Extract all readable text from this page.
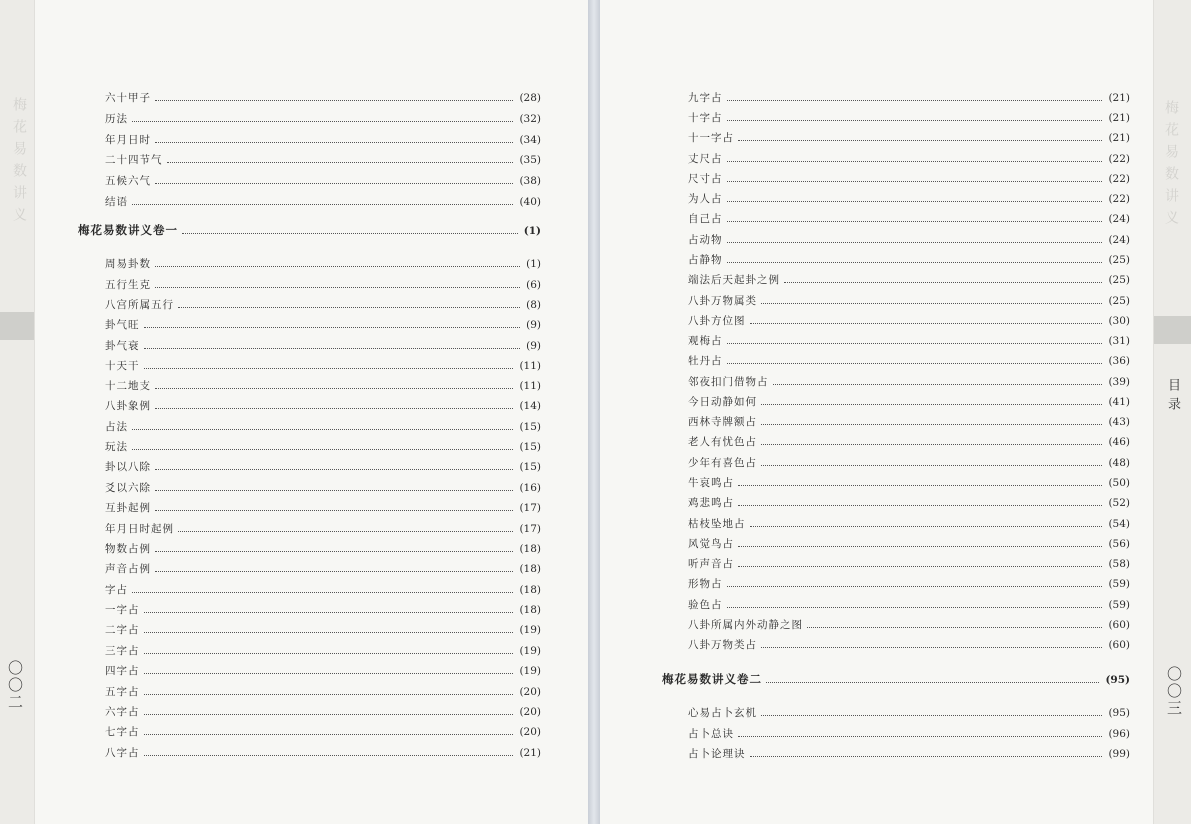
梅花易数讲义
〇〇二
六十甲子	(28)
历法	(32)
年月日时	(34)
二十四节气	(35)
五候六气	(38)
结语	(40)
梅花易数讲义卷一	(1)
周易卦数	(1)
五行生克	(6)
八宫所属五行	(8)
卦气旺	(9)
卦气衰	(9)
十天干	(11)
十二地支	(11)
八卦象例	(14)
占法	(15)
玩法	(15)
卦以八除	(15)
爻以六除	(16)
互卦起例	(17)
年月日时起例	(17)
物数占例	(18)
声音占例	(18)
字占	(18)
一字占	(18)
二字占	(19)
三字占	(19)
四字占	(19)
五字占	(20)
六字占	(20)
七字占	(20)
八字占	(21)
九字占	(21)
十字占	(21)
十一字占	(21)
丈尺占	(22)
尺寸占	(22)
为人占	(22)
自己占	(24)
占动物	(24)
占静物	(25)
端法后天起卦之例	(25)
八卦万物属类	(25)
八卦方位图	(30)
观梅占	(31)
牡丹占	(36)
邻夜扣门借物占	(39)
今日动静如何	(41)
西林寺牌额占	(43)
老人有忧色占	(46)
少年有喜色占	(48)
牛哀鸣占	(50)
鸡悲鸣占	(52)
枯枝坠地占	(54)
风觉鸟占	(56)
听声音占	(58)
形物占	(59)
验色占	(59)
八卦所属内外动静之图	(60)
八卦万物类占	(60)
梅花易数讲义卷二	(95)
心易占卜玄机	(95)
占卜总诀	(96)
占卜论理诀	(99)
梅花易数讲义
目录
〇〇三
